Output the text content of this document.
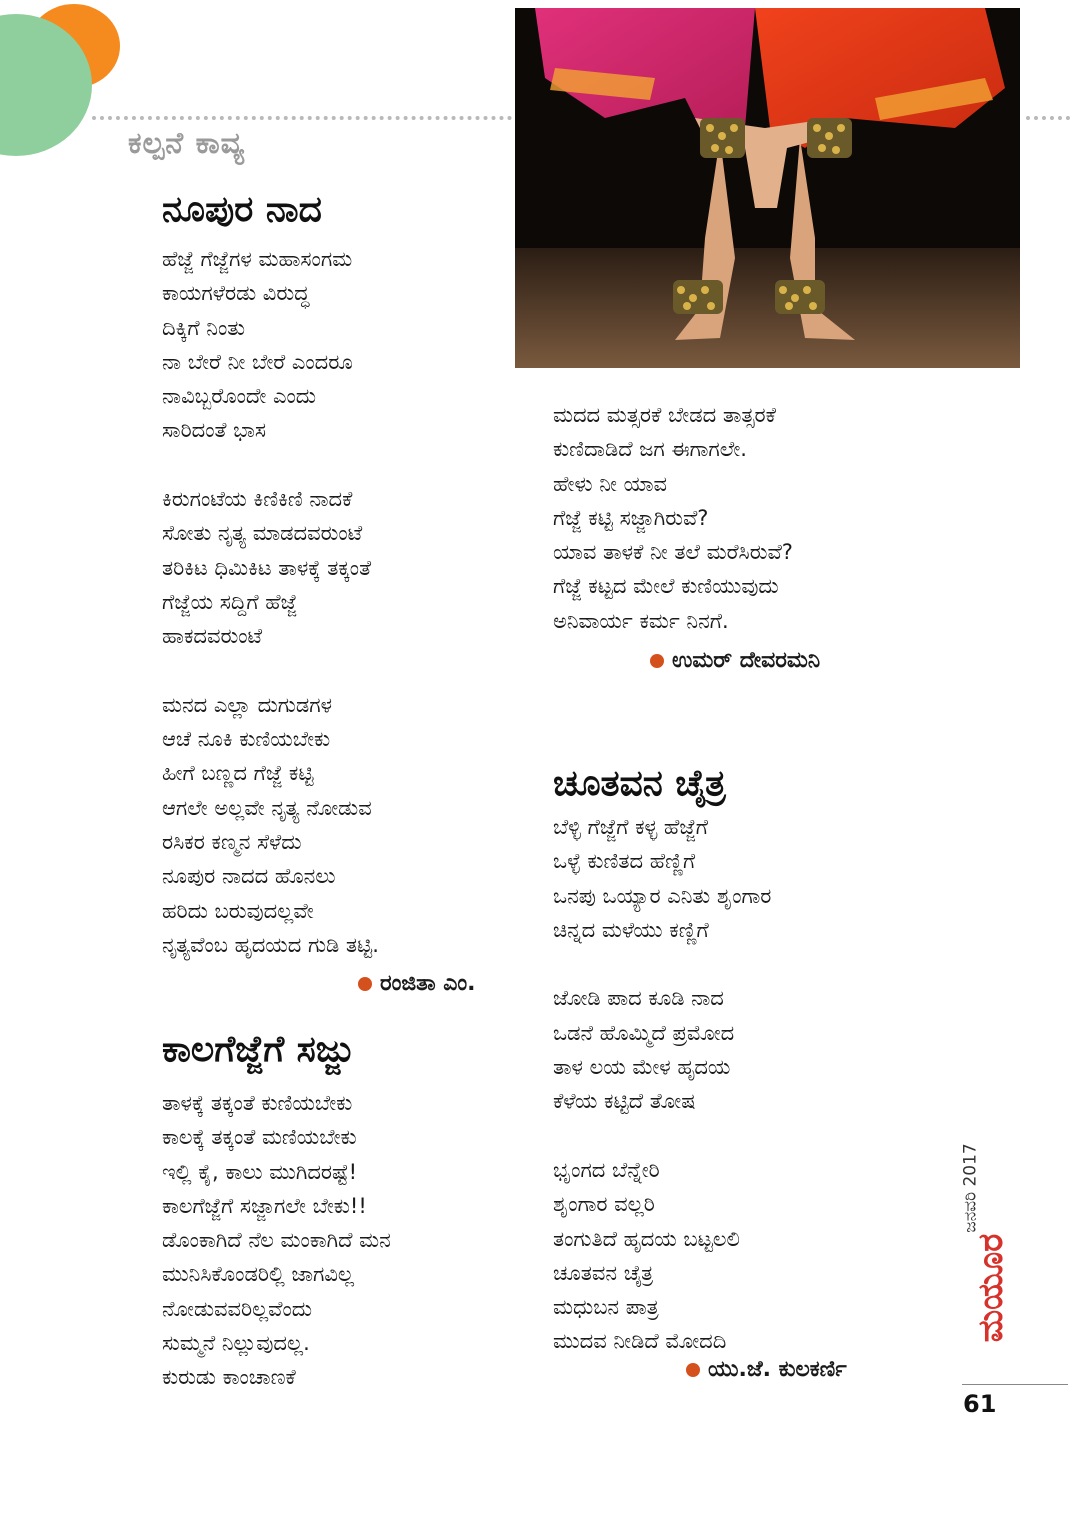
ಕಲ್ಪನೆ ಕಾವ್ಯ
ನೂಪುರ ನಾದ
ಹೆಜ್ಜೆ ಗೆಜ್ಜೆಗಳ ಮಹಾಸಂಗಮ
ಕಾಯಗಳೆರಡು ವಿರುದ್ಧ
ದಿಕ್ಕಿಗೆ ನಿಂತು
ನಾ ಬೇರೆ ನೀ ಬೇರೆ ಎಂದರೂ
ನಾವಿಬ್ಬರೊಂದೇ ಎಂದು
ಸಾರಿದಂತೆ ಭಾಸ
ಕಿರುಗಂಟೆಯ ಕಿಣಿಕಿಣಿ ನಾದಕೆ
ಸೋತು ನೃತ್ಯ ಮಾಡದವರುಂಟೆ
ತರಿಕಿಟ ಧಿಮಿಕಿಟ ತಾಳಕ್ಕೆ ತಕ್ಕಂತೆ
ಗೆಜ್ಜೆಯ ಸದ್ದಿಗೆ ಹೆಜ್ಜೆ
ಹಾಕದವರುಂಟೆ
ಮನದ ಎಲ್ಲಾ ದುಗುಡಗಳ
ಆಚೆ ನೂಕಿ ಕುಣಿಯಬೇಕು
ಹೀಗೆ ಬಣ್ಣದ ಗೆಜ್ಜೆ ಕಟ್ಟಿ
ಆಗಲೇ ಅಲ್ಲವೇ ನೃತ್ಯ ನೋಡುವ
ರಸಿಕರ ಕಣ್ಮನ ಸೆಳೆದು
ನೂಪುರ ನಾದದ ಹೊನಲು
ಹರಿದು ಬರುವುದಲ್ಲವೇ
ನೃತ್ಯವೆಂಬ ಹೃದಯದ ಗುಡಿ ತಟ್ಟಿ.
ರಂಜಿತಾ ಎಂ.
ಕಾಲಗೆಜ್ಜೆಗೆ ಸಜ್ಜು
ತಾಳಕ್ಕೆ ತಕ್ಕಂತೆ ಕುಣಿಯಬೇಕು
ಕಾಲಕ್ಕೆ ತಕ್ಕಂತೆ ಮಣಿಯಬೇಕು
ಇಲ್ಲಿ ಕೈ, ಕಾಲು ಮುಗಿದರಷ್ಟೆ!
ಕಾಲಗೆಜ್ಜೆಗೆ ಸಜ್ಜಾಗಲೇ ಬೇಕು!!
ಡೊಂಕಾಗಿದೆ ನೆಲ ಮಂಕಾಗಿದೆ ಮನ
ಮುನಿಸಿಕೊಂಡರಿಲ್ಲಿ ಜಾಗವಿಲ್ಲ
ನೋಡುವವರಿಲ್ಲವೆಂದು
ಸುಮ್ಮನೆ ನಿಲ್ಲುವುದಲ್ಲ.
ಕುರುಡು ಕಾಂಚಾಣಕೆ
ಮದದ ಮತ್ಸರಕೆ ಬೇಡದ ತಾತ್ಸರಕೆ
ಕುಣಿದಾಡಿದೆ ಜಗ ಈಗಾಗಲೇ.
ಹೇಳು ನೀ ಯಾವ
ಗೆಜ್ಜೆ ಕಟ್ಟಿ ಸಜ್ಜಾಗಿರುವೆ?
ಯಾವ ತಾಳಕೆ ನೀ ತಲೆ ಮರೆಸಿರುವೆ?
ಗೆಜ್ಜೆ ಕಟ್ಟದ ಮೇಲೆ ಕುಣಿಯುವುದು
ಅನಿವಾರ್ಯ ಕರ್ಮ ನಿನಗೆ.
ಉಮರ್ ದೇವರಮನಿ
ಚೂತವನ ಚೈತ್ರ
ಬೆಳ್ಳಿ ಗೆಜ್ಜೆಗೆ ಕಳ್ಳ ಹೆಜ್ಜೆಗೆ
ಒಳ್ಳೆ ಕುಣಿತದ ಹೆಣ್ಣಿಗೆ
ಒನಪು ಒಯ್ಯಾರ ಎನಿತು ಶೃಂಗಾರ
ಚಿನ್ನದ ಮಳೆಯು ಕಣ್ಣಿಗೆ
ಜೋಡಿ ಪಾದ ಕೂಡಿ ನಾದ
ಒಡನೆ ಹೊಮ್ಮಿದೆ ಪ್ರಮೋದ
ತಾಳ ಲಯ ಮೇಳ ಹೃದಯ
ಕೆಳೆಯ ಕಟ್ಟಿದೆ ತೋಷ
ಭೃಂಗದ ಬೆನ್ನೇರಿ
ಶೃಂಗಾರ ವಲ್ಲರಿ
ತಂಗುತಿದೆ ಹೃದಯ ಬಟ್ಟಲಲಿ
ಚೂತವನ ಚೈತ್ರ
ಮಧುಬನ ಪಾತ್ರ
ಮುದವ ನೀಡಿದೆ ಮೋದದಿ
ಯು.ಜೆ. ಕುಲಕರ್ಣಿ
ಜನವರಿ 2017
ಮಯೂರ
61
